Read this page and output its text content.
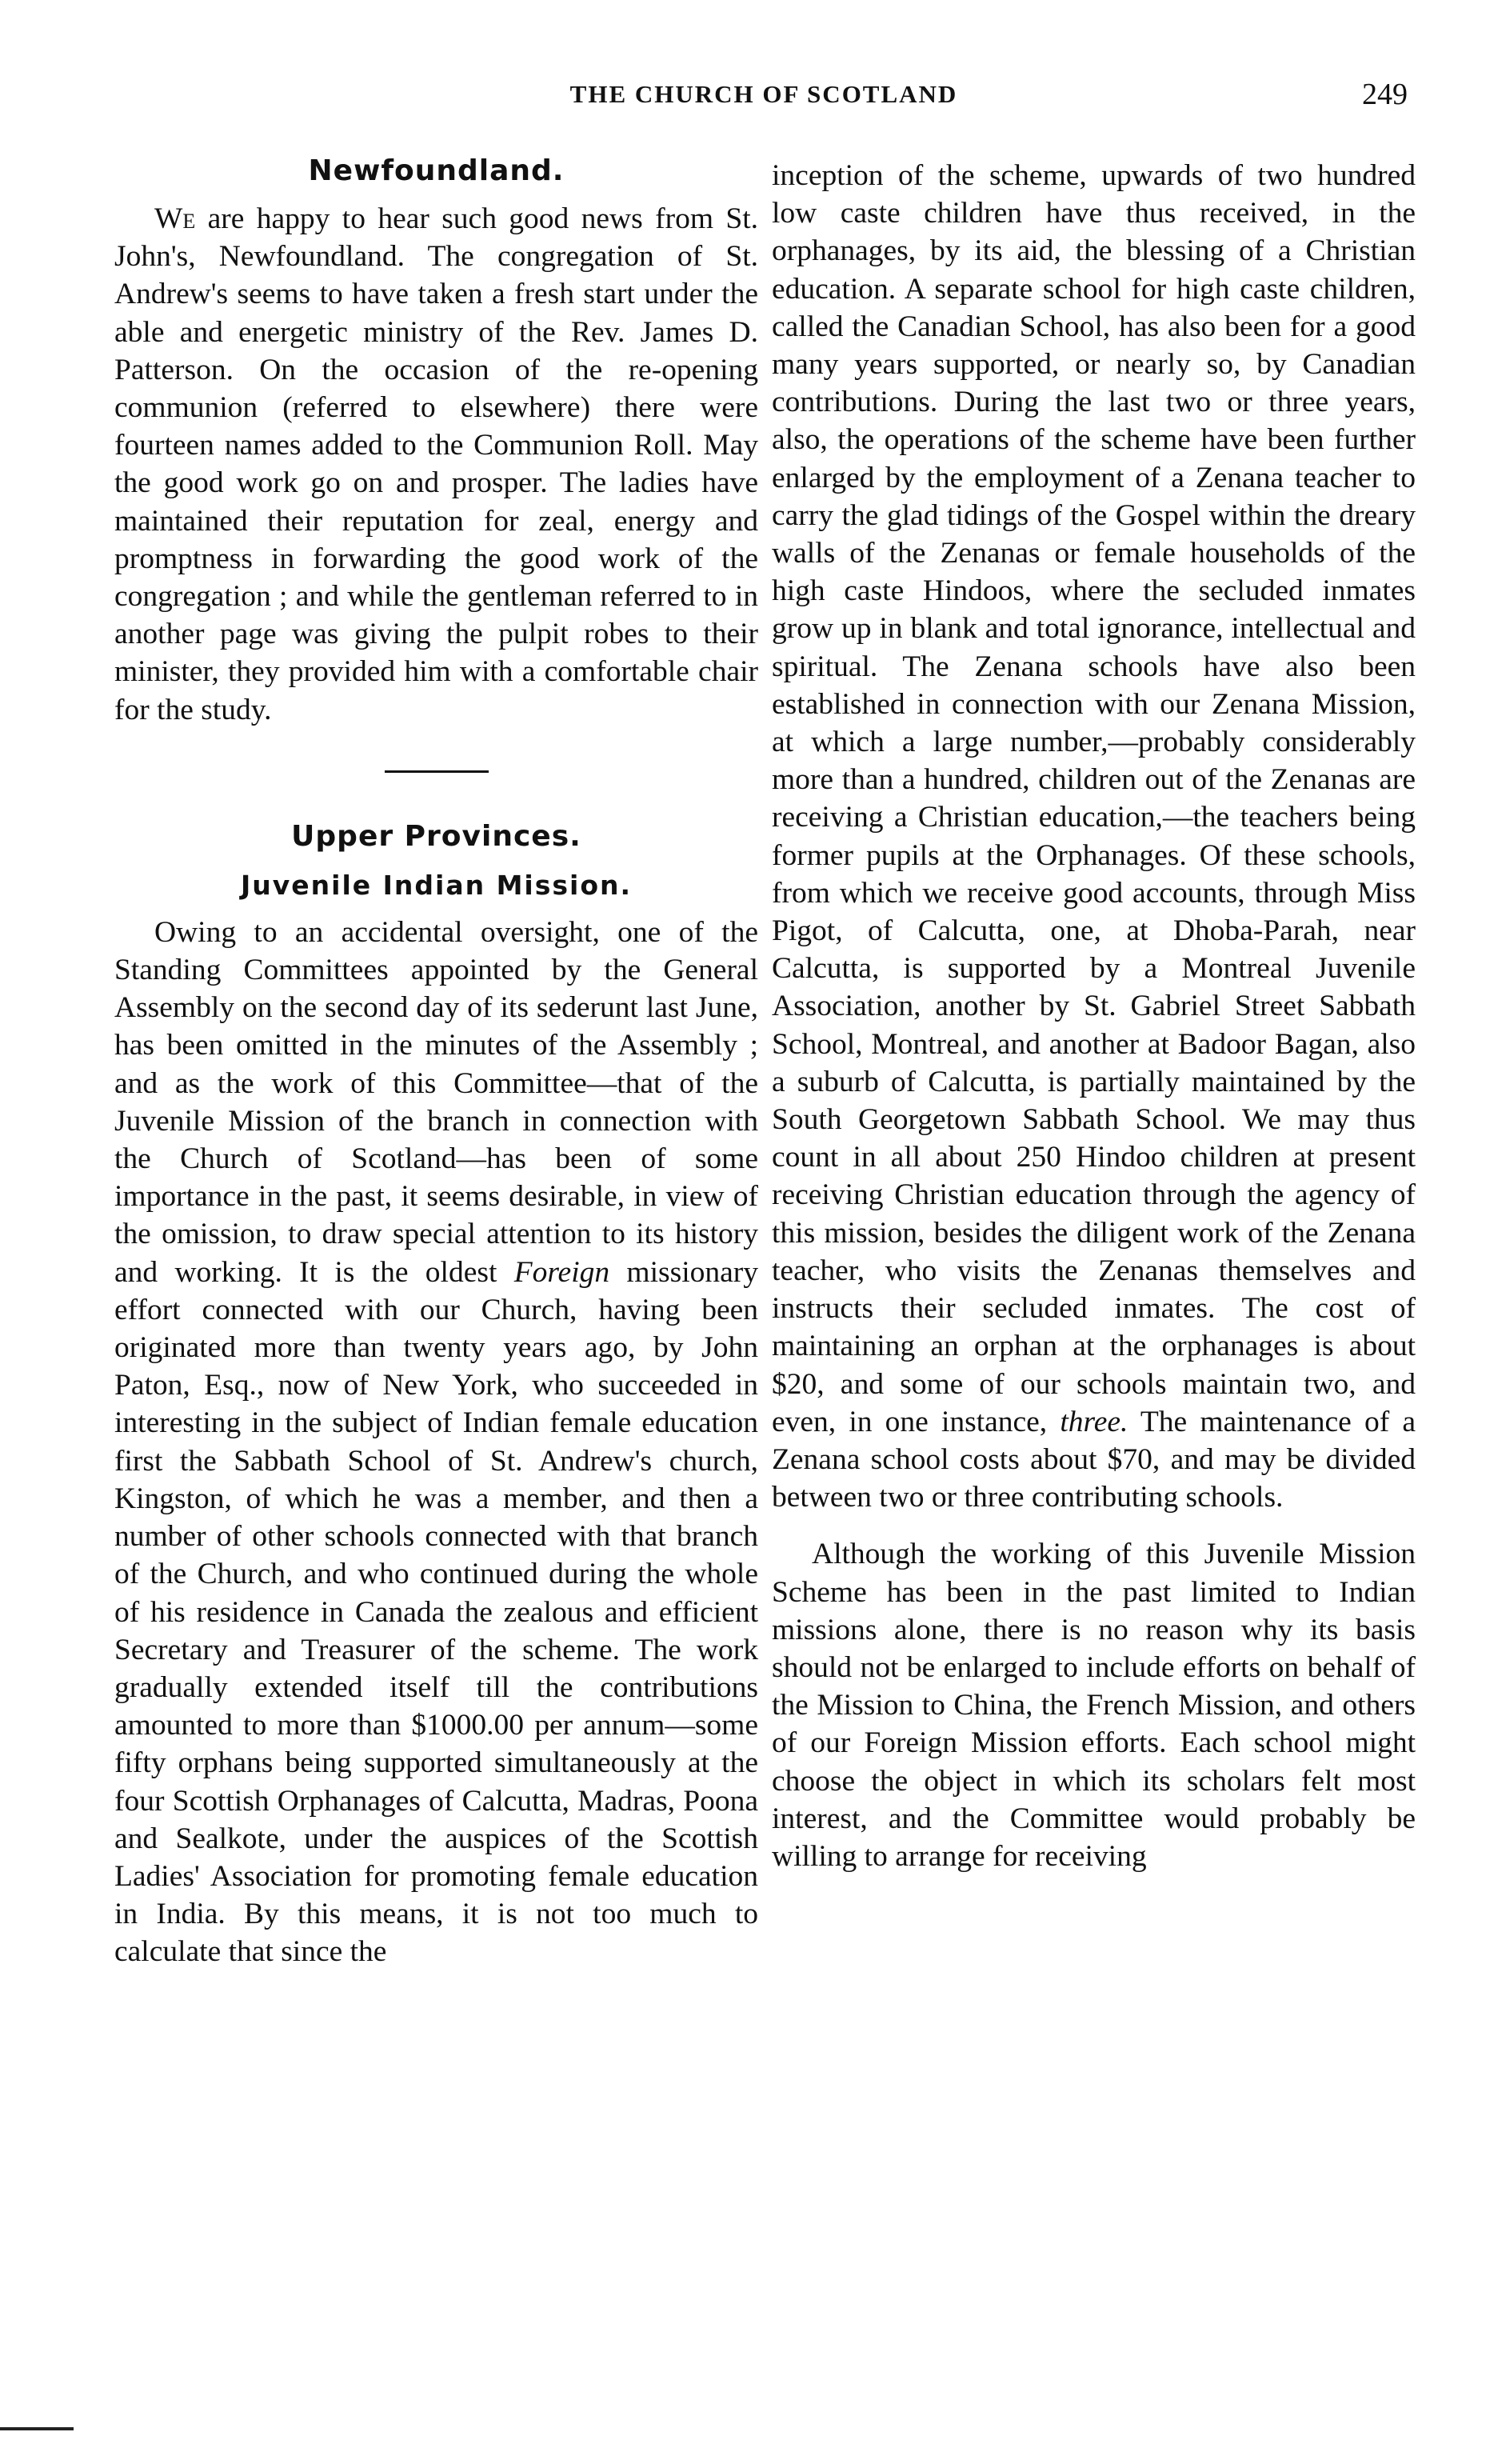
THE CHURCH OF SCOTLAND	249
Newfoundland.

We are happy to hear such good news from St. John's, Newfoundland. The congregation of St. Andrew's seems to have taken a fresh start under the able and energetic ministry of the Rev. James D. Patterson. On the occasion of the re-opening communion (referred to elsewhere) there were fourteen names added to the Communion Roll. May the good work go on and prosper. The ladies have maintained their reputation for zeal, energy and promptness in forwarding the good work of the congregation ; and while the gentleman referred to in another page was giving the pulpit robes to their minister, they provided him with a comfortable chair for the study.

Upper Provinces.
Juvenile Indian Mission.

Owing to an accidental oversight, one of the Standing Committees appointed by the General Assembly on the second day of its sederunt last June, has been omitted in the minutes of the Assembly ; and as the work of this Committee—that of the Juvenile Mission of the branch in connection with the Church of Scotland—has been of some importance in the past, it seems desirable, in view of the omission, to draw special attention to its history and working. It is the oldest Foreign missionary effort connected with our Church, having been originated more than twenty years ago, by John Paton, Esq., now of New York, who succeeded in interesting in the subject of Indian female education first the Sabbath School of St. Andrew's church, Kingston, of which he was a member, and then a number of other schools connected with that branch of the Church, and who continued during the whole of his residence in Canada the zealous and efficient Secretary and Treasurer of the scheme. The work gradually extended itself till the contributions amounted to more than $1000.00 per annum—some fifty orphans being supported simultaneously at the four Scottish Orphanages of Calcutta, Madras, Poona and Sealkote, under the auspices of the Scottish Ladies' Association for promoting female education in India. By this means, it is not too much to calculate that since the

inception of the scheme, upwards of two hundred low caste children have thus received, in the orphanages, by its aid, the blessing of a Christian education. A separate school for high caste children, called the Canadian School, has also been for a good many years supported, or nearly so, by Canadian contributions. During the last two or three years, also, the operations of the scheme have been further enlarged by the employment of a Zenana teacher to carry the glad tidings of the Gospel within the dreary walls of the Zenanas or female households of the high caste Hindoos, where the secluded inmates grow up in blank and total ignorance, intellectual and spiritual. The Zenana schools have also been established in connection with our Zenana Mission, at which a large number,—probably considerably more than a hundred, children out of the Zenanas are receiving a Christian education,—the teachers being former pupils at the Orphanages. Of these schools, from which we receive good accounts, through Miss Pigot, of Calcutta, one, at Dhoba-Parah, near Calcutta, is supported by a Montreal Juvenile Association, another by St. Gabriel Street Sabbath School, Montreal, and another at Badoor Bagan, also a suburb of Calcutta, is partially maintained by the South Georgetown Sabbath School. We may thus count in all about 250 Hindoo children at present receiving Christian education through the agency of this mission, besides the diligent work of the Zenana teacher, who visits the Zenanas themselves and instructs their secluded inmates. The cost of maintaining an orphan at the orphanages is about $20, and some of our schools maintain two, and even, in one instance, three. The maintenance of a Zenana school costs about $70, and may be divided between two or three contributing schools.

Although the working of this Juvenile Mission Scheme has been in the past limited to Indian missions alone, there is no reason why its basis should not be enlarged to include efforts on behalf of the Mission to China, the French Mission, and others of our Foreign Mission efforts. Each school might choose the object in which its scholars felt most interest, and the Committee would probably be willing to arrange for receiving
